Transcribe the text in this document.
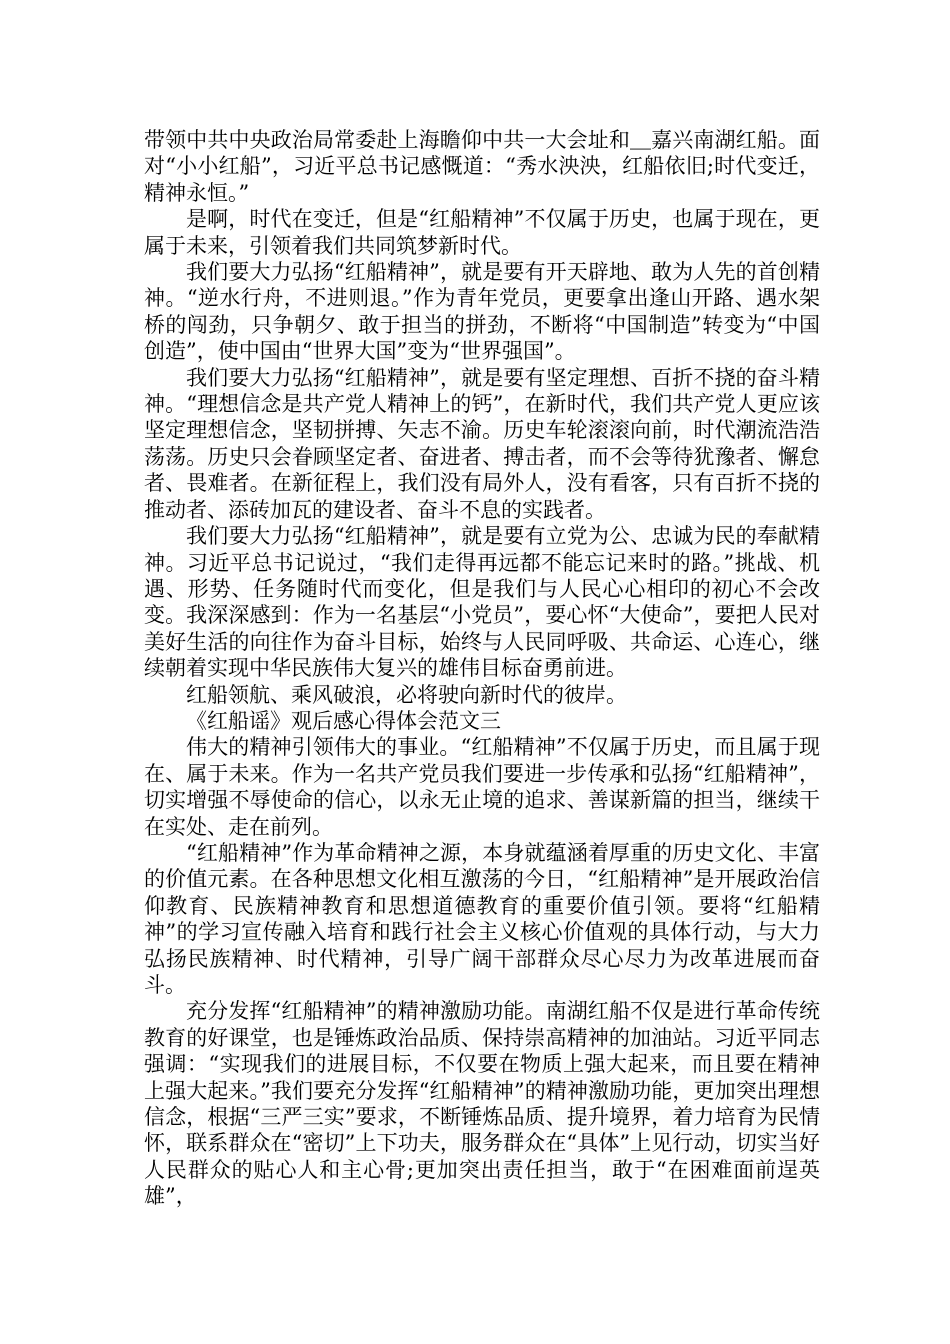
带领中共中央政治局常委赴上海瞻仰中共一大会址和＿嘉兴南湖红船。面对“小小红船”，习近平总书记感慨道：“秀水泱泱，红船依旧;时代变迁，精神永恒。”

是啊，时代在变迁，但是“红船精神”不仅属于历史，也属于现在，更属于未来，引领着我们共同筑梦新时代。

我们要大力弘扬“红船精神”，就是要有开天辟地、敢为人先的首创精神。“逆水行舟，不进则退。”作为青年党员，更要拿出逢山开路、遇水架桥的闯劲，只争朝夕、敢于担当的拼劲，不断将“中国制造”转变为“中国创造”，使中国由“世界大国”变为“世界强国”。

我们要大力弘扬“红船精神”，就是要有坚定理想、百折不挠的奋斗精神。“理想信念是共产党人精神上的钙”，在新时代，我们共产党人更应该坚定理想信念，坚韧拼搏、矢志不渝。历史车轮滚滚向前，时代潮流浩浩荡荡。历史只会眷顾坚定者、奋进者、搏击者，而不会等待犹豫者、懈怠者、畏难者。在新征程上，我们没有局外人，没有看客，只有百折不挠的推动者、添砖加瓦的建设者、奋斗不息的实践者。

我们要大力弘扬“红船精神”，就是要有立党为公、忠诚为民的奉献精神。习近平总书记说过，“我们走得再远都不能忘记来时的路。”挑战、机遇、形势、任务随时代而变化，但是我们与人民心心相印的初心不会改变。我深深感到：作为一名基层“小党员”，要心怀“大使命”，要把人民对美好生活的向往作为奋斗目标，始终与人民同呼吸、共命运、心连心，继续朝着实现中华民族伟大复兴的雄伟目标奋勇前进。

红船领航、乘风破浪，必将驶向新时代的彼岸。

《红船谣》观后感心得体会范文三

伟大的精神引领伟大的事业。“红船精神”不仅属于历史，而且属于现在、属于未来。作为一名共产党员我们要进一步传承和弘扬“红船精神”，切实增强不辱使命的信心，以永无止境的追求、善谋新篇的担当，继续干在实处、走在前列。

“红船精神”作为革命精神之源，本身就蕴涵着厚重的历史文化、丰富的价值元素。在各种思想文化相互激荡的今日，“红船精神”是开展政治信仰教育、民族精神教育和思想道德教育的重要价值引领。要将“红船精神”的学习宣传融入培育和践行社会主义核心价值观的具体行动，与大力弘扬民族精神、时代精神，引导广阔干部群众尽心尽力为改革进展而奋斗。

充分发挥“红船精神”的精神激励功能。南湖红船不仅是进行革命传统教育的好课堂，也是锤炼政治品质、保持崇高精神的加油站。习近平同志强调：“实现我们的进展目标，不仅要在物质上强大起来，而且要在精神上强大起来。”我们要充分发挥“红船精神”的精神激励功能，更加突出理想信念，根据“三严三实”要求，不断锤炼品质、提升境界，着力培育为民情怀，联系群众在“密切”上下功夫，服务群众在“具体”上见行动，切实当好人民群众的贴心人和主心骨;更加突出责任担当，敢于“在困难面前逞英雄”，
